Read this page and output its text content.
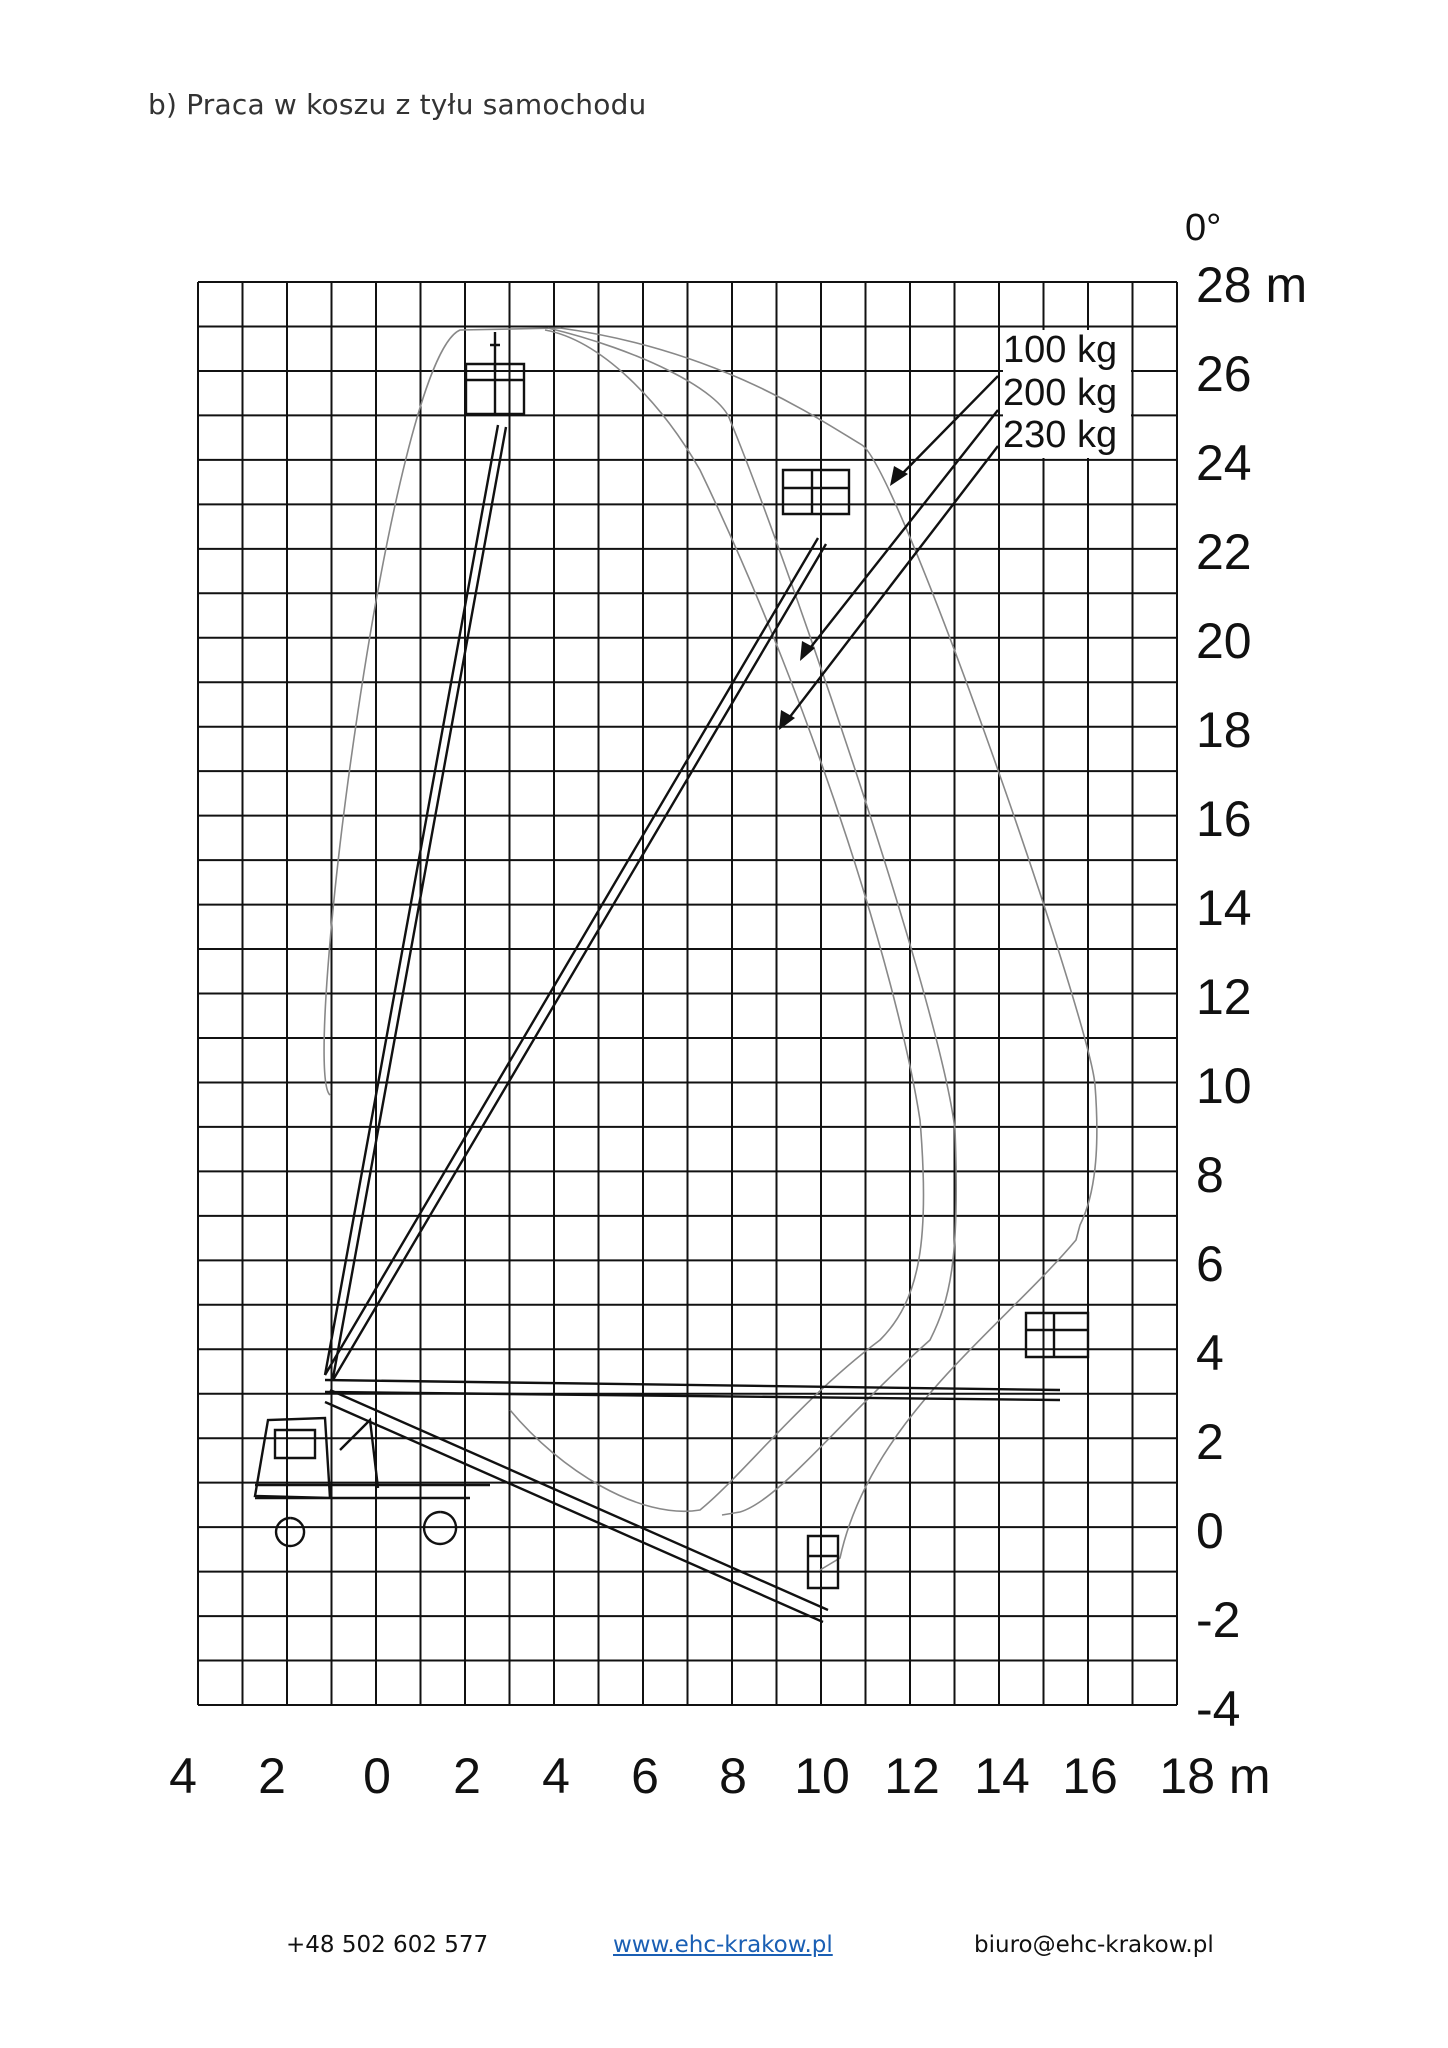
b) Praca w koszu z tyłu samochodu
100 kg
200 kg
230 kg
0°
28 m
26
24
22
20
18
16
14
12
10
8
6
4
2
0
-2
-4
4 2 0 2 4 6 8 10 12 14 16 18 m
+48 502 602 577	www.ehc-krakow.pl	biuro@ehc-krakow.pl
